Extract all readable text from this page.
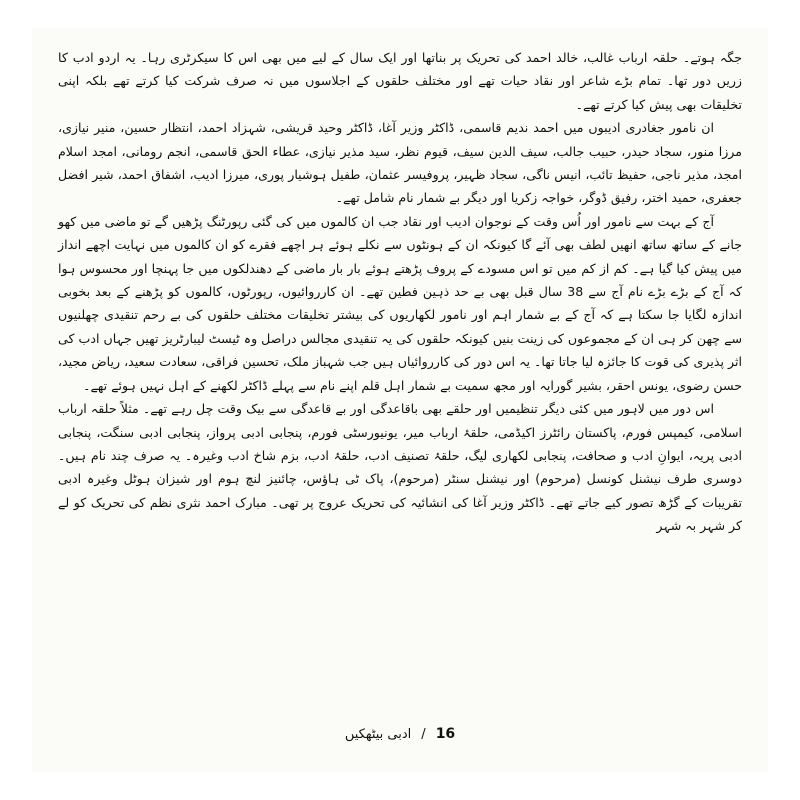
جگہ ہوتے۔ حلقہ ارباب غالب، خالد احمد کی تحریک پر بناتھا اور ایک سال کے لیے میں بھی اس کا سیکرٹری رہا۔ یہ اردو ادب کا زریں دور تھا۔ تمام بڑے شاعر اور نقاد حیات تھے اور مختلف حلقوں کے اجلاسوں میں نہ صرف شرکت کیا کرتے تھے بلکہ اپنی تخلیقات بھی پیش کیا کرتے تھے۔

ان نامور جغادری ادیبوں میں احمد ندیم قاسمی، ڈاکٹر وزیر آغا، ڈاکٹر وحید قریشی، شہزاد احمد، انتظار حسین، منیر نیازی، مرزا منور، سجاد حیدر، حبیب جالب، سیف الدین سیف، قیوم نظر، سید مذیر نیازی، عطاء الحق قاسمی، انجم رومانی، امجد اسلام امجد، مذیر ناجی، حفیظ تائب، انیس ناگی، سجاد ظہیر، پروفیسر عثمان، طفیل ہوشیار پوری، میرزا ادیب، اشفاق احمد، شیر افضل جعفری، حمید اختر، رفیق ڈوگر، خواجہ زکریا اور دیگر بے شمار نام شامل تھے۔

آج کے بہت سے نامور اور اُس وقت کے نوجوان ادیب اور نقاد جب ان کالموں میں کی گئی رپورٹنگ پڑھیں گے تو ماضی میں کھو جانے کے ساتھ ساتھ انھیں لطف بھی آئے گا کیونکہ ان کے ہونٹوں سے نکلے ہوئے ہر اچھے فقرے کو ان کالموں میں نہایت اچھے انداز میں پیش کیا گیا ہے۔ کم از کم میں تو اس مسودے کے پروف پڑھتے ہوئے بار بار ماضی کے دھندلکوں میں جا پہنچا اور محسوس ہوا کہ آج کے بڑے بڑے نام آج سے 38 سال قبل بھی بے حد ذہین فطین تھے۔ ان کارروائیوں، رپورٹوں، کالموں کو پڑھنے کے بعد بخوبی اندازہ لگایا جا سکتا ہے کہ آج کے بے شمار اہم اور نامور لکھاریوں کی بیشتر تخلیقات مختلف حلقوں کی بے رحم تنقیدی چھلنیوں سے چھن کر ہی ان کے مجموعوں کی زینت بنیں کیونکہ حلقوں کی یہ تنقیدی مجالس دراصل وہ ٹیسٹ لیبارٹریز تھیں جہاں ادب کی اثر پذیری کی قوت کا جائزہ لیا جاتا تھا۔ یہ اس دور کی کارروائیاں ہیں جب شہباز ملک، تحسین فراقی، سعادت سعید، ریاض مجید، حسن رضوی، یونس احقر، بشیر گورایہ اور مجھ سمیت بے شمار اہل قلم اپنے نام سے پہلے ڈاکٹر لکھنے کے اہل نہیں ہوئے تھے۔

اس دور میں لاہور میں کئی دیگر تنظیمیں اور حلقے بھی باقاعدگی اور بے قاعدگی سے بیک وقت چل رہے تھے۔ مثلاً حلقہ ارباب اسلامی، کیمپس فورم، پاکستان رائٹرز اکیڈمی، حلقۂ ارباب میر، یونیورسٹی فورم، پنجابی ادبی پرواز، پنجابی ادبی سنگت، پنجابی ادبی پریہ، ایوانِ ادب و صحافت، پنجابی لکھاری لیگ، حلقۂ تصنیف ادب، حلقۂ ادب، بزم شاخ ادب وغیرہ۔ یہ صرف چند نام ہیں۔ دوسری طرف نیشنل کونسل (مرحوم) اور نیشنل سنٹر (مرحوم)، پاک ٹی ہاؤس، چائنیز لنچ ہوم اور شیزان ہوٹل وغیرہ ادبی تقریبات کے گڑھ تصور کیے جاتے تھے۔ ڈاکٹر وزیر آغا کی انشائیہ کی تحریک عروج پر تھی۔ مبارک احمد نثری نظم کی تحریک کو لے کر شہر بہ شہر

16
/
ادبی بیٹھکیں
